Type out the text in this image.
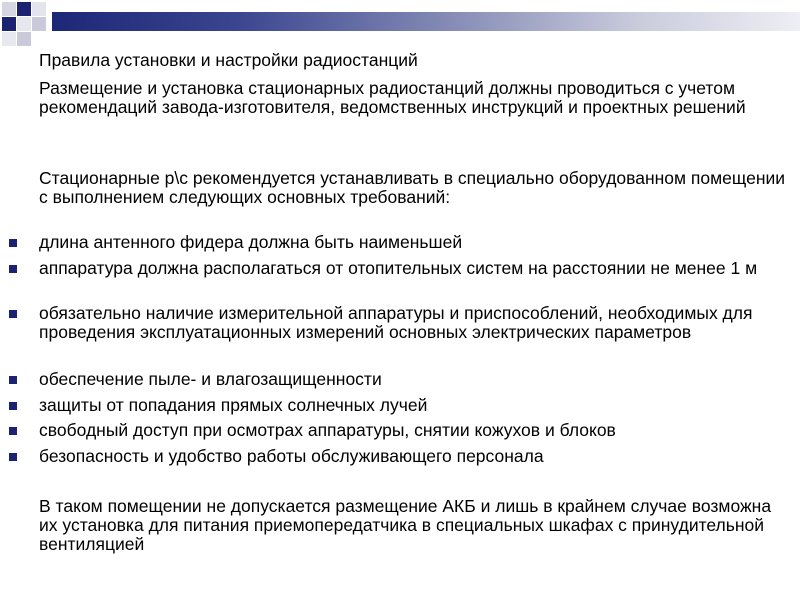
Правила установки и настройки радиостанций
Размещение и установка стационарных радиостанций должны проводиться с учетом рекомендаций завода-изготовителя, ведомственных инструкций и проектных решений
Стационарные р\с рекомендуется устанавливать в специально оборудованном помещении с выполнением следующих основных требований:
длина антенного фидера должна быть наименьшей
аппаратура должна располагаться от отопительных систем на расстоянии не менее 1 м
обязательно наличие измерительной аппаратуры и приспособлений, необходимых для проведения эксплуатационных измерений основных электрических параметров
обеспечение пыле- и влагозащищенности
защиты от попадания прямых солнечных лучей
свободный доступ при осмотрах аппаратуры, снятии кожухов и блоков
безопасность и удобство работы обслуживающего персонала
В таком помещении не допускается размещение АКБ и лишь в крайнем случае возможна их установка для питания приемопередатчика в специальных шкафах с принудительной вентиляцией
